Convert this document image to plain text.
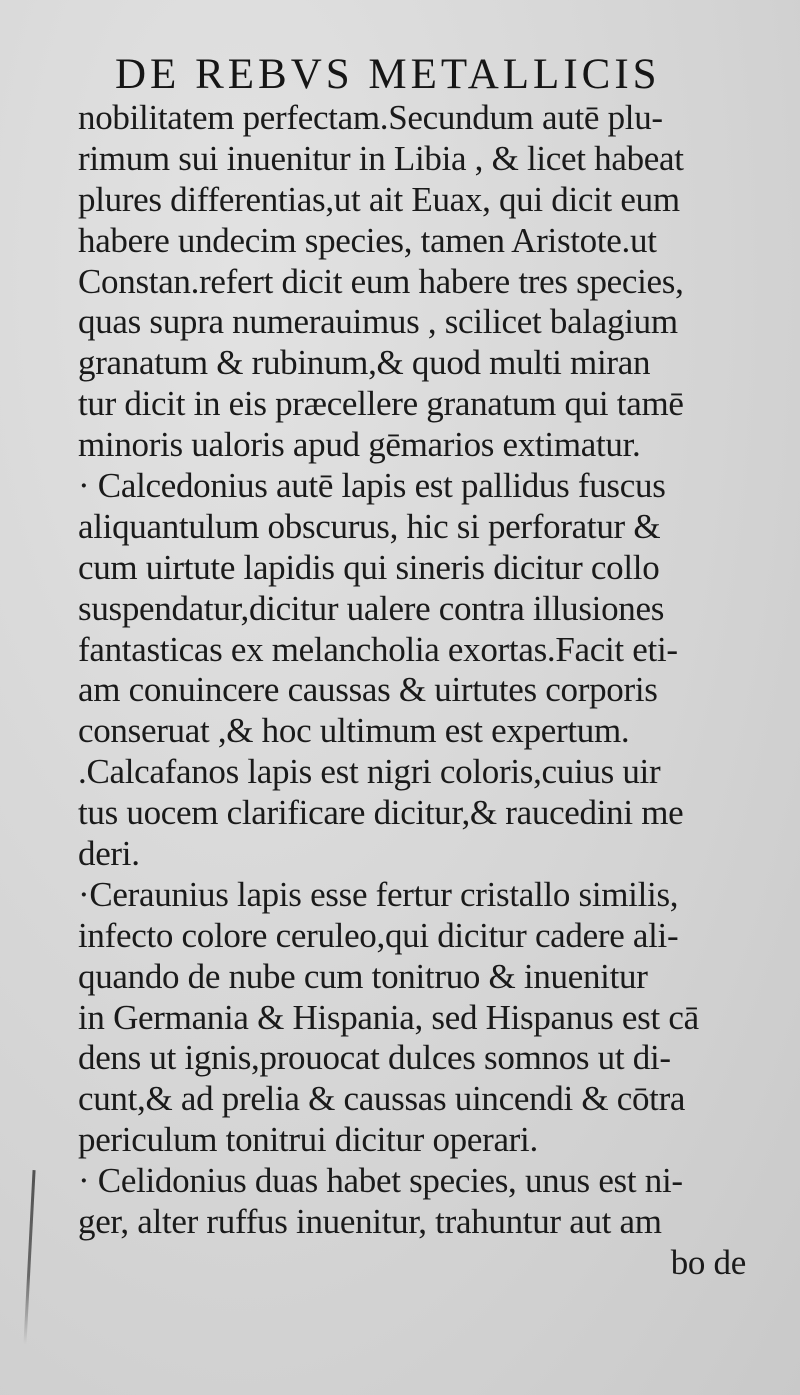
DE REBVS METALLICIS
nobilitatem perfectam.Secundum autē plu-
rimum sui inuenitur in Libia , & licet habeat
plures differentias,ut ait Euax, qui dicit eum
habere undecim species, tamen Aristote.ut
Constan.refert dicit eum habere tres species,
quas supra numerauimus , scilicet balagium
granatum & rubinum,& quod multi miran
tur dicit in eis præcellere granatum qui tamē
minoris ualoris apud gēmarios extimatur.
· Calcedonius autē lapis est pallidus fuscus
aliquantulum obscurus, hic si perforatur &
cum uirtute lapidis qui sineris dicitur collo
suspendatur,dicitur ualere contra illusiones
fantasticas ex melancholia exortas.Facit eti-
am conuincere caussas & uirtutes corporis
conseruat ,& hoc ultimum est expertum.
.Calcafanos lapis est nigri coloris,cuius uir
tus uocem clarificare dicitur,& raucedini me
deri.
·Ceraunius lapis esse fertur cristallo similis,
infecto colore ceruleo,qui dicitur cadere ali-
quando de nube cum tonitruo & inuenitur
in Germania & Hispania, sed Hispanus est cā
dens ut ignis,prouocat dulces somnos ut di-
cunt,& ad prelia & caussas uincendi & cōtra
periculum tonitrui dicitur operari.
· Celidonius duas habet species, unus est ni-
ger, alter ruffus inuenitur, trahuntur aut am
bo de
